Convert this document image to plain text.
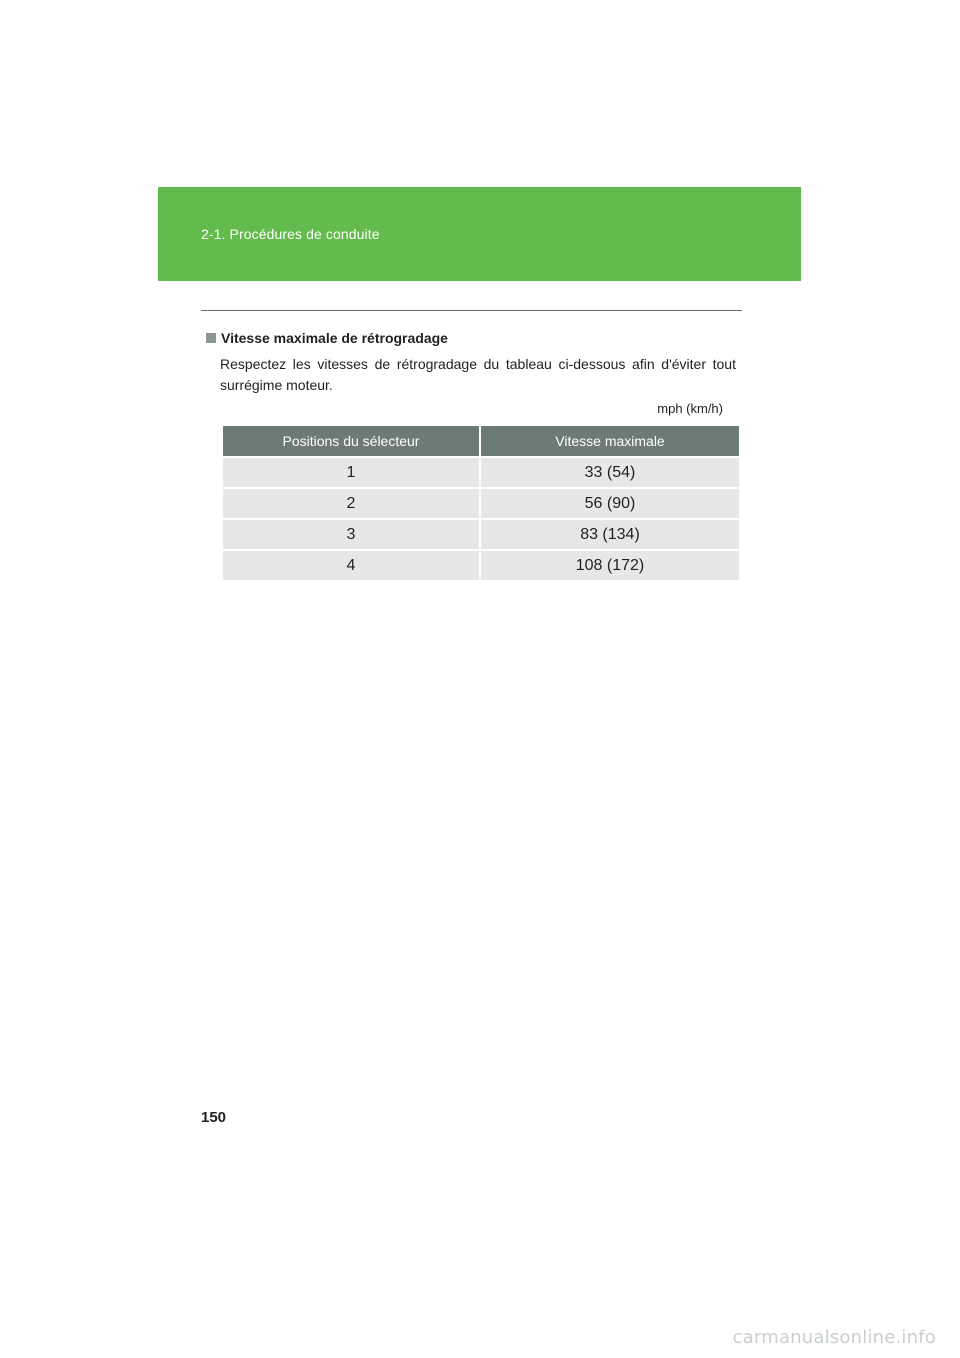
2-1. Procédures de conduite
Vitesse maximale de rétrogradage

Respectez les vitesses de rétrogradage du tableau ci-dessous afin d'éviter tout surrégime moteur.

mph (km/h)
Positions du sélecteur	Vitesse maximale
1	33 (54)
2	56 (90)
3	83 (134)
4	108 (172)
150
carmanualsonline.info
